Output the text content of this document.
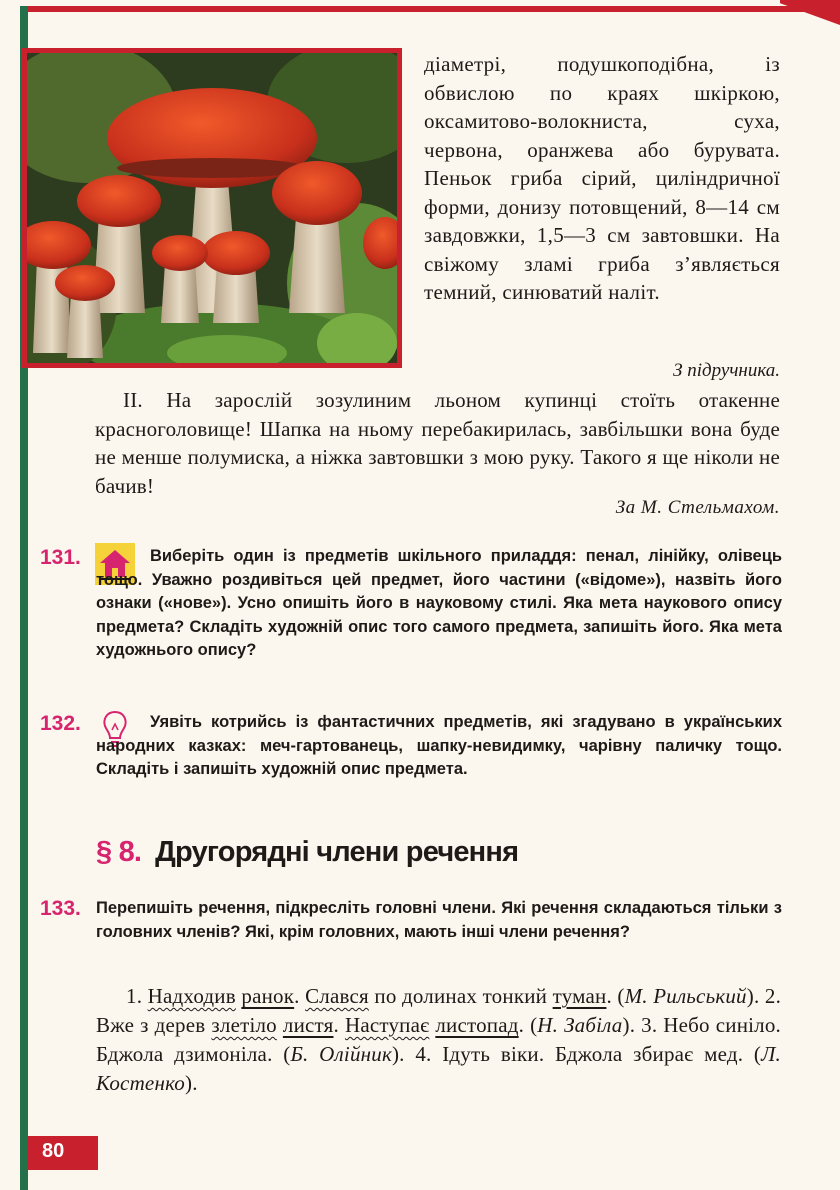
діаметрі, подушкоподібна, із обвислою по краях шкіркою, оксамитово-волокниста, суха, червона, оранжева або бурувата. Пеньок гриба сірий, циліндричної форми, донизу потовщений, 8—14 см завдовжки, 1,5—3 см завтовшки. На свіжому зламі гриба з’являється темний, синюватий наліт.

З підручника.

II. На зарослій зозулиним льоном купинці стоїть отакенне красноголовище! Шапка на ньому перебакирилась, завбільшки вона буде не менше полумиска, а ніжка завтовшки з мою руку. Такого я ще ніколи не бачив!

За М. Стельмахом.

131.	Виберіть один із предметів шкільного приладдя: пенал, лінійку, олівець тощо. Уважно роздивіться цей предмет, його частини («відоме»), назвіть його ознаки («нове»). Усно опишіть його в науковому стилі. Яка мета наукового опису предмета? Складіть художній опис того самого предмета, запишіть його. Яка мета художнього опису?

132.	Уявіть котрийсь із фантастичних предметів, які згадувано в українських народних казках: меч-гартованець, шапку-невидимку, чарівну паличку тощо. Складіть і запишіть художній опис предмета.

§ 8. Другорядні члени речення
133. Перепишіть речення, підкресліть головні члени. Які речення складаються тільки з головних членів? Які, крім головних, мають інші члени речення?

1. Надходив ранок. Слався по долинах тонкий туман. (М. Рильський). 2. Вже з дерев злетіло листя. Наступає листопад. (Н. Забіла). 3. Небо синіло. Бджола дзимоніла. (Б. Олійник). 4. Ідуть віки. Бджола збирає мед. (Л. Костенко).

80
